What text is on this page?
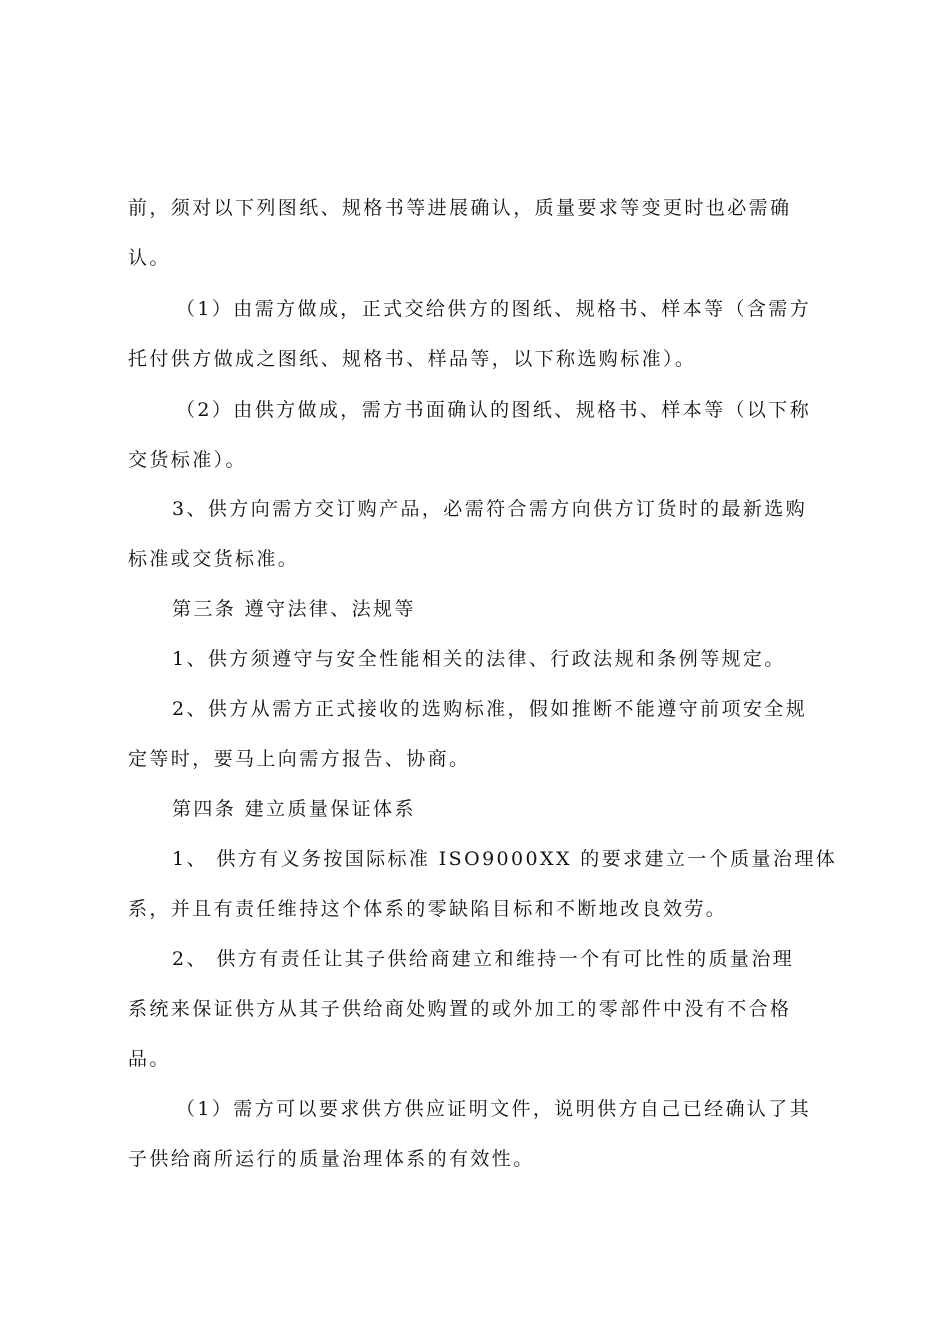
前，须对以下列图纸、规格书等进展确认，质量要求等变更时也必需确
认。
（1）由需方做成，正式交给供方的图纸、规格书、样本等（含需方
托付供方做成之图纸、规格书、样品等，以下称选购标准）。
（2）由供方做成，需方书面确认的图纸、规格书、样本等（以下称
交货标准）。
3、供方向需方交订购产品，必需符合需方向供方订货时的最新选购
标准或交货标准。
第三条 遵守法律、法规等
1、供方须遵守与安全性能相关的法律、行政法规和条例等规定。
2、供方从需方正式接收的选购标准，假如推断不能遵守前项安全规
定等时，要马上向需方报告、协商。
第四条 建立质量保证体系
1、 供方有义务按国际标准 ISO9000XX 的要求建立一个质量治理体
系，并且有责任维持这个体系的零缺陷目标和不断地改良效劳。
2、 供方有责任让其子供给商建立和维持一个有可比性的质量治理
系统来保证供方从其子供给商处购置的或外加工的零部件中没有不合格
品。
（1）需方可以要求供方供应证明文件，说明供方自己已经确认了其
子供给商所运行的质量治理体系的有效性。
